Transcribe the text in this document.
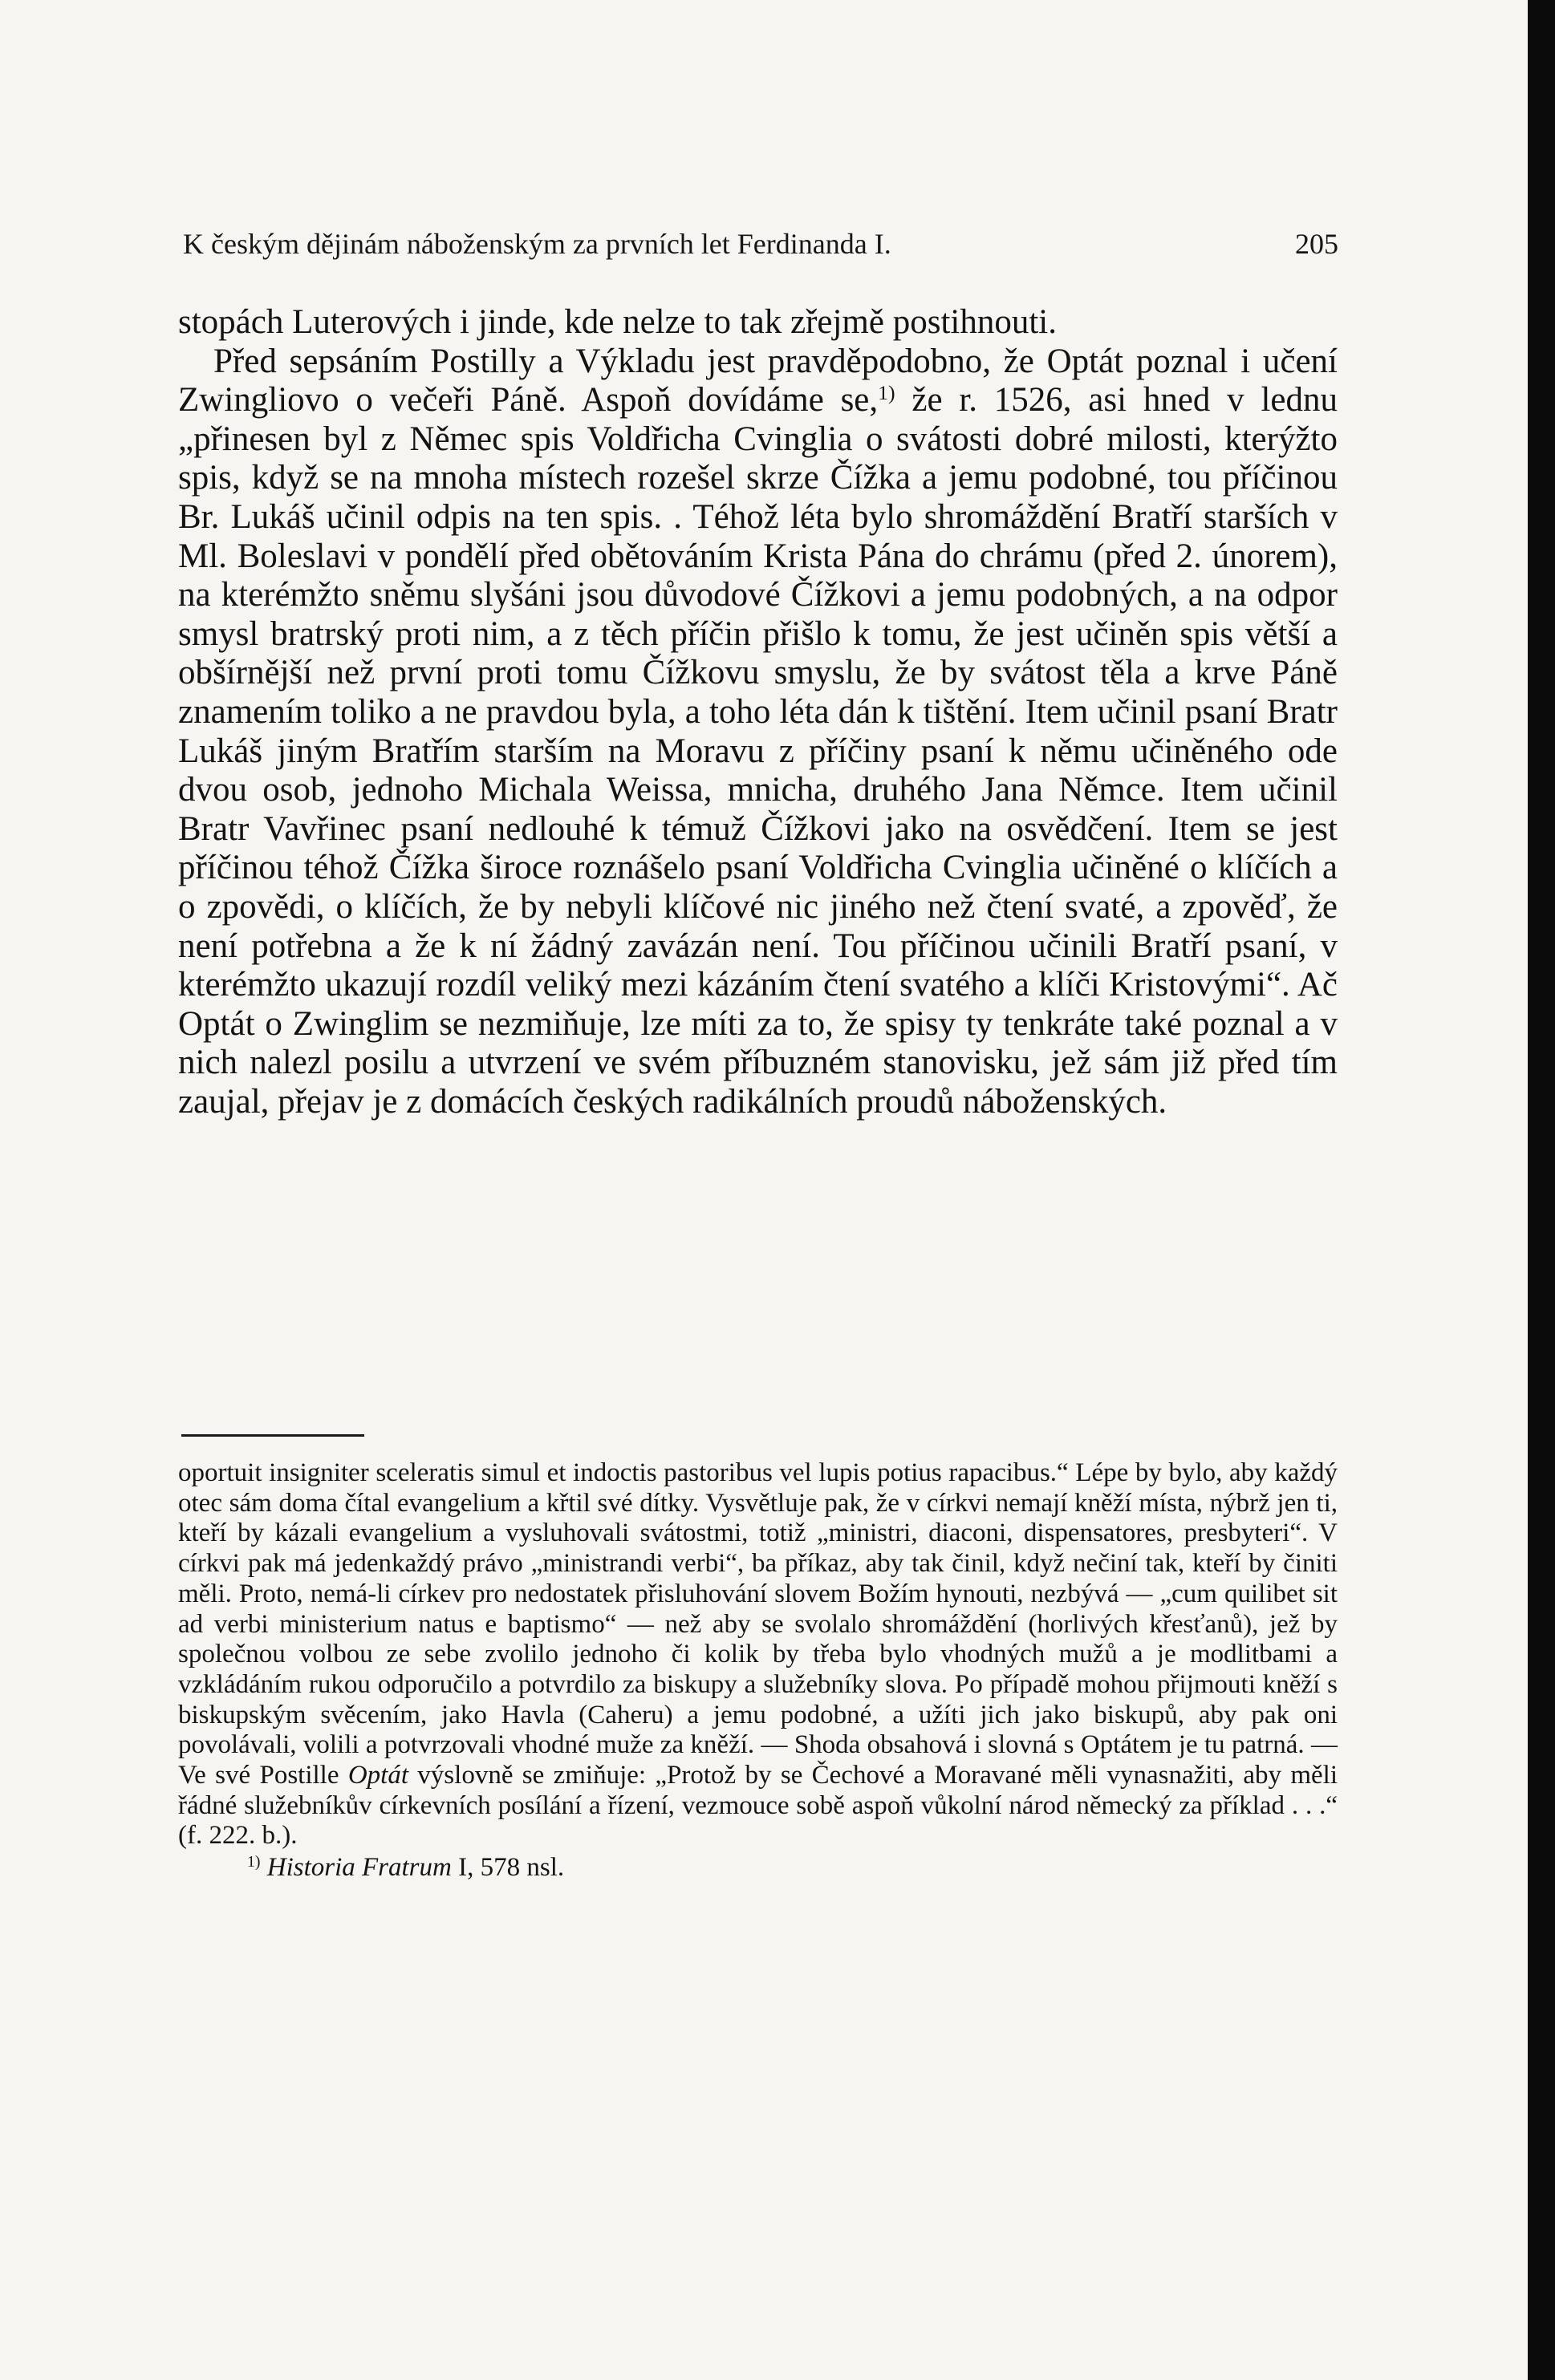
K českým dějinám náboženským za prvních let Ferdinanda I.	205

stopách Luterových i jinde, kde nelze to tak zřejmě postihnouti.

Před sepsáním Postilly a Výkladu jest pravděpodobno, že Optát poznal i učení Zwingliovo o večeři Páně. Aspoň dovídáme se,$^{1)}$ že r. 1526, asi hned v lednu „přinesen byl z Němec spis Voldřicha Cvinglia o svátosti dobré milosti, kterýžto spis, když se na mnoha místech rozešel skrze Čížka a jemu podobné, tou příčinou Br. Lukáš učinil odpis na ten spis. . Téhož léta bylo shromáždění Bratří starších v Ml. Boleslavi v pondělí před obětováním Krista Pána do chrámu (před 2. únorem), na kterémžto sněmu slyšáni jsou důvodové Čížkovi a jemu podobných, a na odpor smysl bratrský proti nim, a z těch příčin přišlo k tomu, že jest učiněn spis větší a obšírnější než první proti tomu Čížkovu smyslu, že by svátost těla a krve Páně znamením toliko a ne pravdou byla, a toho léta dán k tištění. Item učinil psaní Bratr Lukáš jiným Bratřím starším na Moravu z příčiny psaní k němu učiněného ode dvou osob, jednoho Michala Weissa, mnicha, druhého Jana Němce. Item učinil Bratr Vavřinec psaní nedlouhé k témuž Čížkovi jako na osvědčení. Item se jest příčinou téhož Čížka široce roznášelo psaní Voldřicha Cvinglia učiněné o klíčích a o zpovědi, o klíčích, že by nebyli klíčové nic jiného než čtení svaté, a zpověď, že není potřebna a že k ní žádný zavázán není. Tou příčinou učinili Bratří psaní, v kterémžto ukazují rozdíl veliký mezi kázáním čtení svatého a klíči Kristovými“. Ač Optát o Zwinglim se nezmiňuje, lze míti za to, že spisy ty tenkráte také poznal a v nich nalezl posilu a utvrzení ve svém příbuzném stanovisku, jež sám již před tím zaujal, přejav je z domácích českých radikálních proudů náboženských.

oportuit insigniter sceleratis simul et indoctis pastoribus vel lupis potius rapacibus.“ Lépe by bylo, aby každý otec sám doma čítal evangelium a křtil své dítky. Vysvětluje pak, že v církvi nemají kněží místa, nýbrž jen ti, kteří by kázali evangelium a vysluhovali svátostmi, totiž „ministri, diaconi, dispensatores, presbyteri“. V církvi pak má jedenkaždý právo „ministrandi verbi“, ba příkaz, aby tak činil, když nečiní tak, kteří by činiti měli. Proto, nemá-li církev pro nedostatek přisluhování slovem Božím hynouti, nezbývá — „cum quilibet sit ad verbi ministerium natus e baptismo“ — než aby se svolalo shromáždění (horlivých křesťanů), jež by společnou volbou ze sebe zvolilo jednoho či kolik by třeba bylo vhodných mužů a je modlitbami a vzkládáním rukou odporučilo a potvrdilo za biskupy a služebníky slova. Po případě mohou přijmouti kněží s biskupským svěcením, jako Havla (Caheru) a jemu podobné, a užíti jich jako biskupů, aby pak oni povolávali, volili a potvrzovali vhodné muže za kněží. — Shoda obsahová i slovná s Optátem je tu patrná. — Ve své Postille Optát výslovně se zmiňuje: „Protož by se Čechové a Moravané měli vynasnažiti, aby měli řádné služebníkův církevních posílání a řízení, vezmouce sobě aspoň vůkolní národ německý za příklad . . .“ (f. 222. b.).

$^{1)}$ Historia Fratrum I, 578 nsl.
